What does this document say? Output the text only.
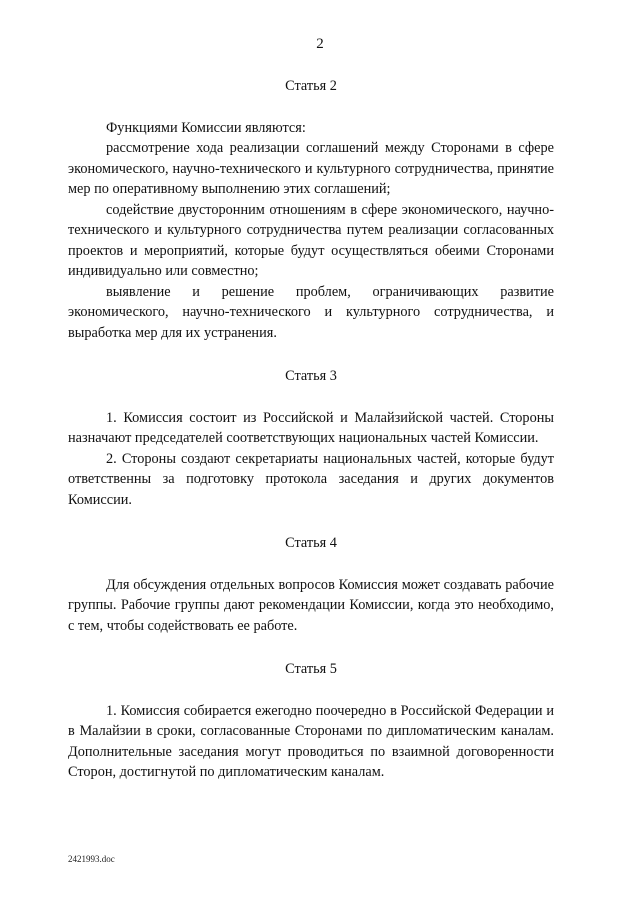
2

Статья 2

Функциями Комиссии являются:

рассмотрение хода реализации соглашений между Сторонами в сфере экономического, научно-технического и культурного сотрудничества, принятие мер по оперативному выполнению этих соглашений;

содействие двусторонним отношениям в сфере экономического, научно-технического и культурного сотрудничества путем реализации согласованных проектов и мероприятий, которые будут осуществляться обеими Сторонами индивидуально или совместно;

выявление и решение проблем, ограничивающих развитие экономического, научно-технического и культурного сотрудничества, и выработка мер для их устранения.

Статья 3

1. Комиссия состоит из Российской и Малайзийской частей. Стороны назначают председателей соответствующих национальных частей Комиссии.

2. Стороны создают секретариаты национальных частей, которые будут ответственны за подготовку протокола заседания и других документов Комиссии.

Статья 4

Для обсуждения отдельных вопросов Комиссия может создавать рабочие группы. Рабочие группы дают рекомендации Комиссии, когда это необходимо, с тем, чтобы содействовать ее работе.

Статья 5

1. Комиссия собирается ежегодно поочередно в Российской Федерации и в Малайзии в сроки, согласованные Сторонами по дипломатическим каналам. Дополнительные заседания могут проводиться по взаимной договоренности Сторон, достигнутой по дипломатическим каналам.

2421993.doc
